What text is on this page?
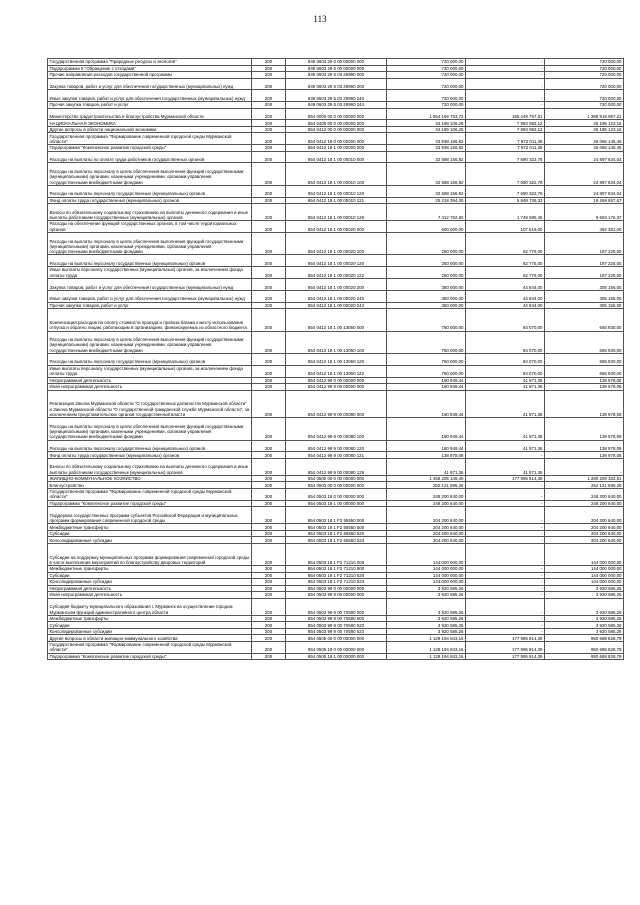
113
Государственная программа "Природные ресурсы и экология"	200	849 0603 29 0 00 00000 000	720 000,00	-	720 000,00
Подпрограмма 5 "Обращение с отходами"	200	849 0603 29 5 00 00000 000	720 000,00	-	720 000,00
Прочие направления расходов государственной программы	200	849 0603 29 5 03 29990 000	720 000,00	-	720 000,00
Закупка товаров, работ и услуг для обеспечения государственных (муниципальных) нужд	200	849 0603 29 5 03 29990 200	720 000,00	-	720 000,00
Иные закупки товаров, работ и услуг для обеспечения государственных (муниципальных) нужд	200	849 0603 29 5 03 29990 240	720 000,00	-	720 000,00
Прочая закупка товаров, работ и услуг	200	849 0603 29 5 03 29990 244	720 000,00	-	720 000,00
Министерство градостроительства и благоустройства Мурманской области	200	854 0000 00 0 00 00000 000	1 554 169 753,72	155 249 797,51	1 398 919 957,21
НАЦИОНАЛЬНАЯ ЭКОНОМИКА	200	854 0400 00 0 00 00000 000	34 189 106,28	7 993 983,12	26 195 123,16
Другие вопросы в области национальной экономики	200	854 0412 00 0 00 00000 000	34 189 106,28	7 993 983,12	26 195 123,16
Государственная программа "Формирование современной городской среды Мурманской области"	200	854 0412 18 0 00 00000 000	33 938 156,82	7 872 011,36	26 066 145,46
Подпрограмма "Комплексное развитие городской среды"	200	854 0412 18 1 00 00000 000	33 938 156,82	7 872 011,36	26 066 145,46
Расходы на выплаты по оплате труда работников государственных органов	200	854 0412 18 1 00 00010 000	32 588 156,82	7 690 322,78	24 897 834,04
Расходы на выплаты персоналу в целях обеспечения выполнения функций государственными (муниципальными) органами, казенными учреждениями, органами управления государственными внебюджетными фондами	200	854 0412 18 1 00 00010 100	32 588 156,82	7 690 322,78	24 897 834,04
Расходы на выплаты персоналу государственных (муниципальных) органов	200	854 0412 18 1 00 00010 120	32 588 156,82	7 690 322,78	24 897 834,04
Фонд оплаты труда государственных (муниципальных) органов	200	854 0412 18 1 00 00010 121	25 218 394,00	5 948 736,33	19 269 657,67
Взносы по обязательному социальному страхованию на выплаты денежного содержания и иные выплаты работникам государственных (муниципальных) органов	200	854 0412 18 1 00 00010 129	7 412 762,82	1 749 586,45	5 663 176,37
Расходы на обеспечение функций государственных органов, в том числе территориальных органов	200	854 0412 18 1 00 00020 000	600 000,00	107 619,00	492 381,00
Расходы на выплаты персоналу в целях обеспечения выполнения функций государственными (муниципальными) органами, казенными учреждениями, органами управления государственными внебюджетными фондами	200	854 0412 18 1 00 00020 100	250 000,00	62 775,00	187 225,00
Расходы на выплаты персоналу государственных (муниципальных) органов	200	854 0412 18 1 00 00020 120	250 000,00	62 775,00	187 225,00
Иные выплаты персоналу государственных (муниципальных) органов, за исключением фонда оплаты труда	200	854 0412 18 1 00 00020 122	250 000,00	62 775,00	187 225,00
Закупка товаров, работ и услуг для обеспечения государственных (муниципальных) нужд	200	854 0412 18 1 00 00020 200	350 000,00	44 844,00	305 156,00
Иные закупки товаров, работ и услуг для обеспечения государственных (муниципальных) нужд	200	854 0412 18 1 00 00020 240	350 000,00	44 844,00	305 156,00
Прочая закупка товаров, работ и услуг	200	854 0412 18 1 00 00020 244	350 000,00	44 844,00	305 156,00
Компенсация расходов на оплату стоимости проезда и провоза багажа к месту использования отпуска и обратно лицам, работающим в организациях, финансируемых из областного бюджета	200	854 0412 18 1 00 13060 000	750 000,00	84 070,00	665 930,00
Расходы на выплаты персоналу в целях обеспечения выполнения функций государственными (муниципальными) органами, казенными учреждениями, органами управления государственными внебюджетными фондами	200	854 0412 18 1 00 13060 100	750 000,00	84 070,00	665 930,00
Расходы на выплаты персоналу государственных (муниципальных) органов	200	854 0412 18 1 00 13060 120	750 000,00	84 070,00	665 930,00
Иные выплаты персоналу государственных (муниципальных) органов, за исключением фонда оплаты труда	200	854 0412 18 1 00 13060 122	750 000,00	84 070,00	665 930,00
Непрограммная деятельность	200	854 0412 99 0 00 00000 000	180 949,44	41 971,36	138 978,08
Иная непрограммная деятельность	200	854 0412 99 9 00 00000 000	180 949,44	41 971,36	138 978,08
Реализация Закона Мурманской области "О государственных должностях Мурманской области" и Закона Мурманской области "О государственной гражданской службе Мурманской области", за исключением представительских органов государственной власти	200	854 0412 99 9 00 00080 000	180 949,44	41 971,36	138 978,08
Расходы на выплаты персоналу в целях обеспечения выполнения функций государственными (муниципальными) органами, казенными учреждениями, органами управления государственными внебюджетными фондами	200	854 0412 99 9 00 00080 100	180 949,44	41 971,36	138 978,08
Расходы на выплаты персоналу государственных (муниципальных) органов	200	854 0412 99 9 00 00080 120	180 949,44	41 971,36	138 978,08
Фонд оплаты труда государственных (муниципальных) органов	200	854 0412 99 9 00 00080 121	138 978,08	-	138 978,08
Взносы по обязательному социальному страхованию на выплаты денежного содержания и иные выплаты работникам государственных (муниципальных) органов	200	854 0412 99 9 00 00080 129	41 971,36	41 971,36	-
ЖИЛИЩНО-КОММУНАЛЬНОЕ ХОЗЯЙСТВО	200	854 0500 00 0 00 00000 000	1 458 205 149,40	177 995 814,39	1 280 209 334,51
Благоустройство	200	854 0503 00 0 00 00000 000	252 121 595,26	-	252 121 595,26
Государственная программа "Формирование современной городской среды Мурманской области"	200	854 0503 18 0 00 00000 000	248 200 640,00	-	248 200 640,00
Подпрограмма "Комплексное развитие городской среды"	200	854 0503 18 1 00 00000 000	248 200 640,00	-	248 200 640,00
Поддержка государственных программ субъектов Российской Федерации и муниципальных программ формирования современной городской среды	200	854 0503 18 1 F2 55550 000	204 200 640,00	-	204 200 640,00
Межбюджетные трансферты	200	854 0503 18 1 F2 55550 500	204 200 640,00	-	204 200 640,00
Субсидии	200	854 0503 18 1 F2 55550 520	204 200 640,00	-	204 200 640,00
Консолидированные субсидии	200	854 0503 18 1 F2 55550 523	204 200 640,00	-	204 200 640,00
Субсидии на поддержку муниципальных программ формирования современной городской среды в части выполнения мероприятий по благоустройству дворовых территорий	200	854 0503 18 1 F2 71210 000	144 000 000,00	-	144 000 000,00
Межбюджетные трансферты	200	854 0503 18 1 F2 71210 500	144 000 000,00	-	144 000 000,00
Субсидии	200	854 0503 18 1 F2 71210 520	144 000 000,00	-	144 000 000,00
Консолидированные субсидии	200	854 0503 18 1 F2 71210 523	144 000 000,00	-	144 000 000,00
Непрограммная деятельность	200	854 0503 99 0 00 00000 000	3 920 585,26	-	3 920 585,26
Иная непрограммная деятельность	200	854 0503 99 9 00 00000 000	3 920 585,26	-	3 920 585,26
Субсидия бюджету муниципального образования г. Мурманск на осуществление городом Мурманском функций административного центра области	200	854 0503 99 9 00 70580 000	3 920 585,26	-	3 920 585,26
Межбюджетные трансферты	200	854 0503 99 9 00 70580 500	3 920 585,26	-	3 920 585,26
Субсидии	200	854 0503 99 9 00 70580 520	3 920 585,26	-	3 920 585,26
Консолидированные субсидии	200	854 0503 99 9 00 70580 523	3 920 585,26	-	3 920 585,26
Другие вопросы в области жилищно-коммунального хозяйства	200	854 0505 00 0 00 00000 000	1 128 194 843,16	177 995 814,39	950 688 828,79
Государственная программа "Формирование современной городской среды Мурманской области"	200	854 0505 18 0 00 00000 000	1 128 194 843,16	177 995 814,39	950 688 828,79
Подпрограмма "Комплексное развитие городской среды"	200	854 0505 18 1 00 00000 000	1 128 194 843,16	177 995 814,39	950 688 828,79
